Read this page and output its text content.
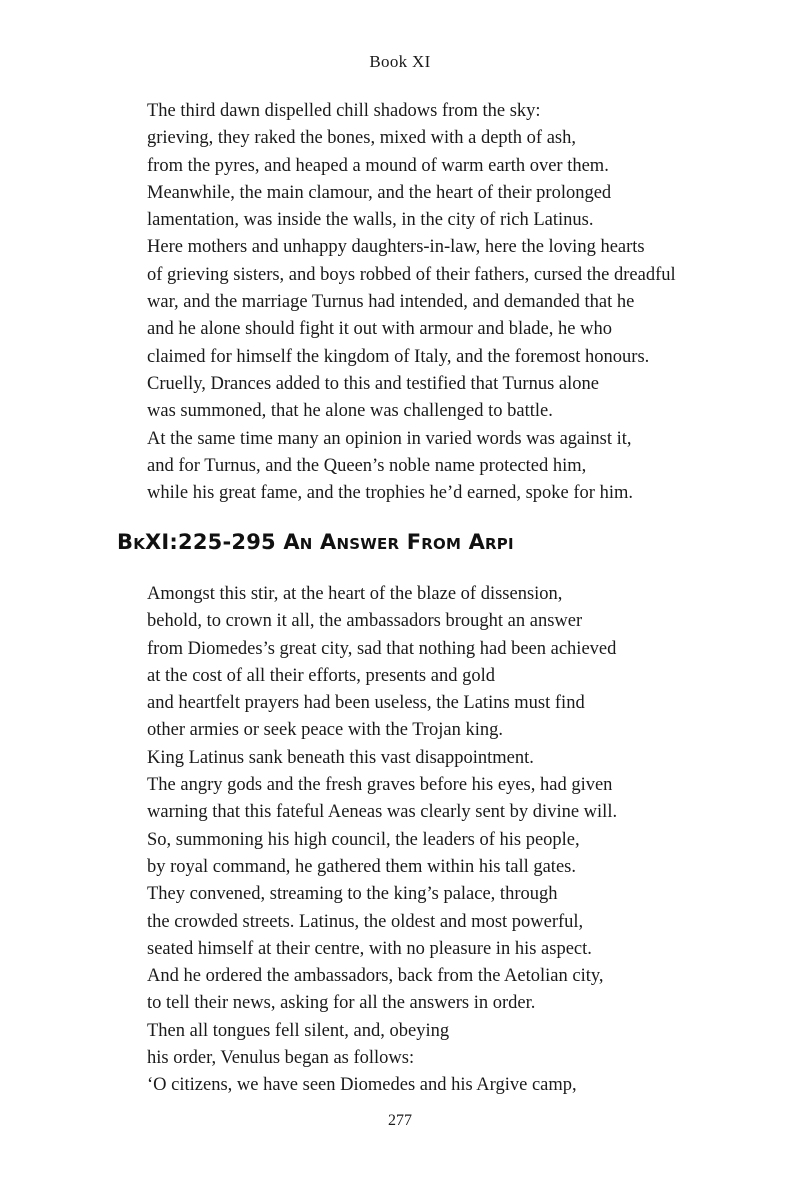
Book XI
The third dawn dispelled chill shadows from the sky:
grieving, they raked the bones, mixed with a depth of ash,
from the pyres, and heaped a mound of warm earth over them.
Meanwhile, the main clamour, and the heart of their prolonged
lamentation, was inside the walls, in the city of rich Latinus.
Here mothers and unhappy daughters-in-law, here the loving hearts
of grieving sisters, and boys robbed of their fathers, cursed the dreadful
war, and the marriage Turnus had intended, and demanded that he
and he alone should fight it out with armour and blade, he who
claimed for himself the kingdom of Italy, and the foremost honours.
Cruelly, Drances added to this and testified that Turnus alone
was summoned, that he alone was challenged to battle.
At the same time many an opinion in varied words was against it,
and for Turnus, and the Queen’s noble name protected him,
while his great fame, and the trophies he’d earned, spoke for him.
BkXI:225-295 An Answer From Arpi
Amongst this stir, at the heart of the blaze of dissension,
behold, to crown it all, the ambassadors brought an answer
from Diomedes’s great city, sad that nothing had been achieved
at the cost of all their efforts, presents and gold
and heartfelt prayers had been useless, the Latins must find
other armies or seek peace with the Trojan king.
King Latinus sank beneath this vast disappointment.
The angry gods and the fresh graves before his eyes, had given
warning that this fateful Aeneas was clearly sent by divine will.
So, summoning his high council, the leaders of his people,
by royal command, he gathered them within his tall gates.
They convened, streaming to the king’s palace, through
the crowded streets. Latinus, the oldest and most powerful,
seated himself at their centre, with no pleasure in his aspect.
And he ordered the ambassadors, back from the Aetolian city,
to tell their news, asking for all the answers in order.
Then all tongues fell silent, and, obeying
his order, Venulus began as follows:
‘O citizens, we have seen Diomedes and his Argive camp,
277
